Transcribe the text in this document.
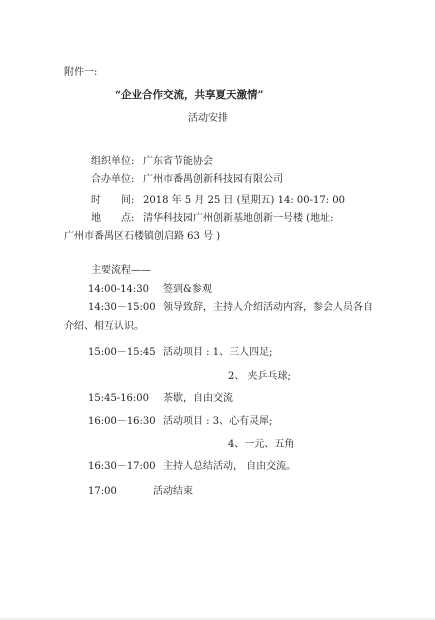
附件一:
“企业合作交流，共享夏天激情”
活动安排
组织单位: 广东省节能协会
合办单位: 广州市番禺创新科技园有限公司
时　　间: 2018 年 5 月 25 日 (星期五) 14: 00-17: 00
地　　点: 清华科技园广州创新基地创新一号楼 (地址:
广州市番禺区石楼镇创启路 63 号 )
主要流程——
14:00-14:30 签到&参观
14:30－15:00 领导致辞，主持人介绍活动内容，参会人员各自
介绍、相互认识。
15:00－15:45 活动项目 : 1、三人四足;
2、 夹乒乓球;
15:45-16:00 茶歇，自由交流
16:00－16:30 活动项目 : 3、心有灵犀;
4、一元、五角
16:30－17:00 主持人总结活动， 自由交流。
17:00	活动结束
